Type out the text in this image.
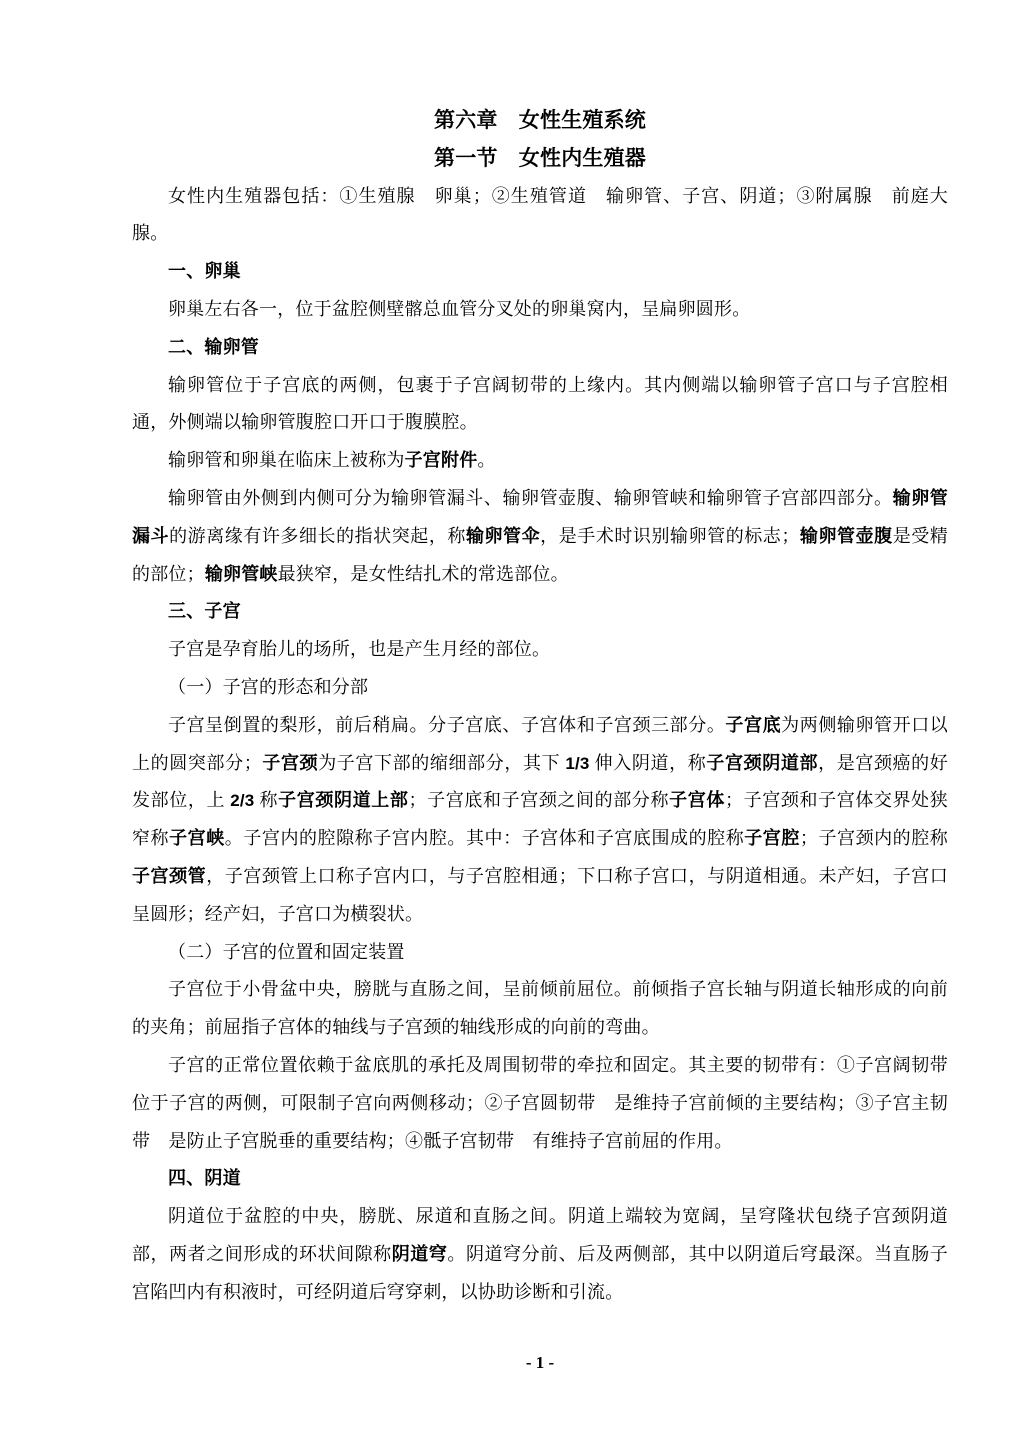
第六章　女性生殖系统

第一节　女性内生殖器

女性内生殖器包括：①生殖腺　卵巢；②生殖管道　输卵管、子宫、阴道；③附属腺　前庭大腺。

一、卵巢

卵巢左右各一，位于盆腔侧壁髂总血管分叉处的卵巢窝内，呈扁卵圆形。

二、输卵管

输卵管位于子宫底的两侧，包裹于子宫阔韧带的上缘内。其内侧端以输卵管子宫口与子宫腔相通，外侧端以输卵管腹腔口开口于腹膜腔。

输卵管和卵巢在临床上被称为子宫附件。

输卵管由外侧到内侧可分为输卵管漏斗、输卵管壶腹、输卵管峡和输卵管子宫部四部分。输卵管漏斗的游离缘有许多细长的指状突起，称输卵管伞，是手术时识别输卵管的标志；输卵管壶腹是受精的部位；输卵管峡最狭窄，是女性结扎术的常选部位。

三、子宫

子宫是孕育胎儿的场所，也是产生月经的部位。

（一）子宫的形态和分部

子宫呈倒置的梨形，前后稍扁。分子宫底、子宫体和子宫颈三部分。子宫底为两侧输卵管开口以上的圆突部分；子宫颈为子宫下部的缩细部分，其下 1/3 伸入阴道，称子宫颈阴道部，是宫颈癌的好发部位，上 2/3 称子宫颈阴道上部；子宫底和子宫颈之间的部分称子宫体；子宫颈和子宫体交界处狭窄称子宫峡。子宫内的腔隙称子宫内腔。其中：子宫体和子宫底围成的腔称子宫腔；子宫颈内的腔称子宫颈管，子宫颈管上口称子宫内口，与子宫腔相通；下口称子宫口，与阴道相通。未产妇，子宫口呈圆形；经产妇，子宫口为横裂状。

（二）子宫的位置和固定装置

子宫位于小骨盆中央，膀胱与直肠之间，呈前倾前屈位。前倾指子宫长轴与阴道长轴形成的向前的夹角；前屈指子宫体的轴线与子宫颈的轴线形成的向前的弯曲。

子宫的正常位置依赖于盆底肌的承托及周围韧带的牵拉和固定。其主要的韧带有：①子宫阔韧带　位于子宫的两侧，可限制子宫向两侧移动；②子宫圆韧带　是维持子宫前倾的主要结构；③子宫主韧带　是防止子宫脱垂的重要结构；④骶子宫韧带　有维持子宫前屈的作用。

四、阴道

阴道位于盆腔的中央，膀胱、尿道和直肠之间。阴道上端较为宽阔，呈穹隆状包绕子宫颈阴道部，两者之间形成的环状间隙称阴道穹。阴道穹分前、后及两侧部，其中以阴道后穹最深。当直肠子宫陷凹内有积液时，可经阴道后穹穿刺，以协助诊断和引流。

- 1 -
